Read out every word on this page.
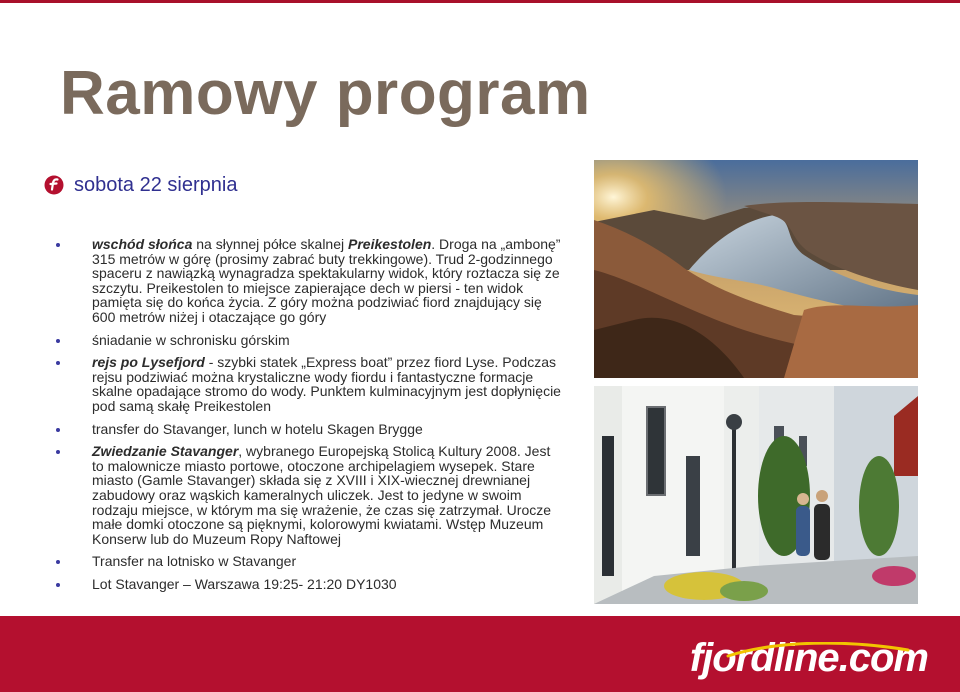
Ramowy program
sobota 22 sierpnia
wschód słońca na słynnej półce skalnej Preikestolen. Droga na „ambonę” 315 metrów w górę (prosimy zabrać buty trekkingowe). Trud 2-godzinnego spaceru z nawiązką wynagradza spektakularny widok, który roztacza się ze szczytu. Preikestolen to miejsce zapierające dech w piersi - ten widok pamięta się do końca życia. Z góry można podziwiać fiord znajdujący się 600 metrów niżej i otaczające go góry
śniadanie w schronisku górskim
rejs po Lysefjord - szybki statek „Express boat” przez fiord Lyse. Podczas rejsu podziwiać można krystaliczne wody fiordu i fantastyczne formacje skalne opadające stromo do wody. Punktem kulminacyjnym jest dopłynięcie pod samą skałę Preikestolen
transfer do Stavanger, lunch w hotelu Skagen Brygge
Zwiedzanie Stavanger, wybranego Europejską Stolicą Kultury 2008. Jest to malownicze miasto portowe, otoczone archipelagiem wysepek. Stare miasto (Gamle Stavanger) składa się z XVIII i XIX-wiecznej drewnianej zabudowy oraz wąskich kameralnych uliczek. Jest to jedyne w swoim rodzaju miejsce, w którym ma się wrażenie, że czas się zatrzymał. Urocze małe domki otoczone są pięknymi, kolorowymi kwiatami. Wstęp Muzeum Konserw lub do Muzeum Ropy Naftowej
Transfer na lotnisko w Stavanger
Lot Stavanger – Warszawa 19:25- 21:20 DY1030
fjordline.com
